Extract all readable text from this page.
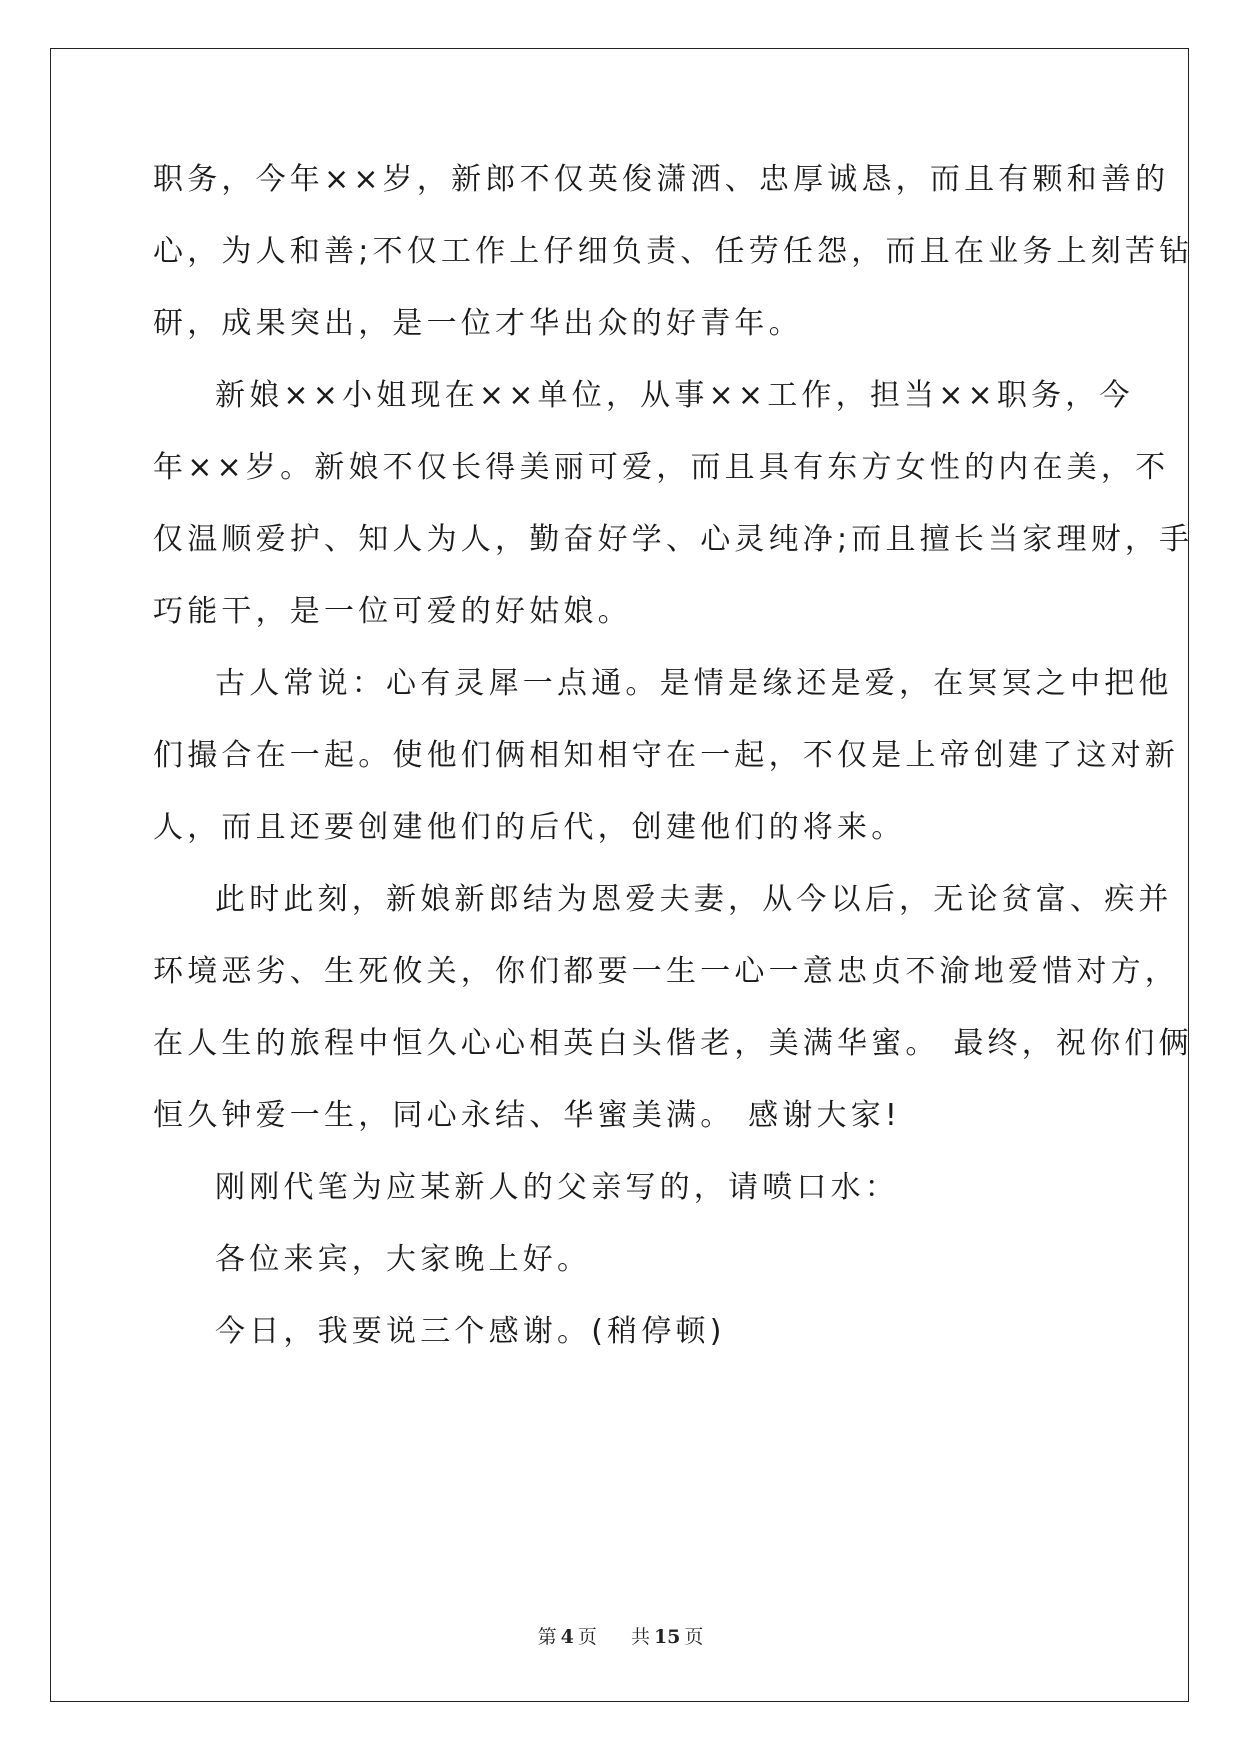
职务，今年××岁，新郎不仅英俊潇洒、忠厚诚恳，而且有颗和善的
心，为人和善;不仅工作上仔细负责、任劳任怨，而且在业务上刻苦钻
研，成果突出，是一位才华出众的好青年。
新娘××小姐现在××单位，从事××工作，担当××职务，今
年××岁。新娘不仅长得美丽可爱，而且具有东方女性的内在美，不
仅温顺爱护、知人为人，勤奋好学、心灵纯净;而且擅长当家理财，手
巧能干，是一位可爱的好姑娘。
古人常说：心有灵犀一点通。是情是缘还是爱，在冥冥之中把他
们撮合在一起。使他们俩相知相守在一起，不仅是上帝创建了这对新
人，而且还要创建他们的后代，创建他们的将来。
此时此刻，新娘新郎结为恩爱夫妻，从今以后，无论贫富、疾并
环境恶劣、生死攸关，你们都要一生一心一意忠贞不渝地爱惜对方，
在人生的旅程中恒久心心相英白头偕老，美满华蜜。 最终，祝你们俩
恒久钟爱一生，同心永结、华蜜美满。 感谢大家!
刚刚代笔为应某新人的父亲写的，请喷口水：
各位来宾，大家晚上好。
今日，我要说三个感谢。(稍停顿)
第 4 页 共 15 页
